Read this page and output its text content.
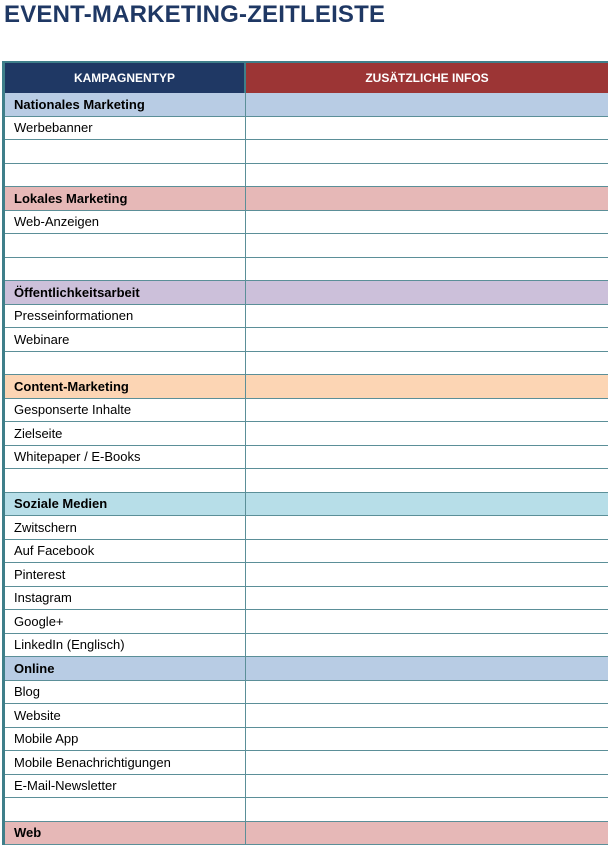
EVENT-MARKETING-ZEITLEISTE
KAMPAGNENTYP	ZUSÄTZLICHE INFOS
Nationales Marketing	
Werbebanner	

Lokales Marketing	
Web-Anzeigen	

Öffentlichkeitsarbeit	
Presseinformationen	
Webinare	

Content-Marketing	
Gesponserte Inhalte	
Zielseite	
Whitepaper / E-Books	

Soziale Medien	
Zwitschern	
Auf Facebook	
Pinterest	
Instagram	
Google+	
LinkedIn (Englisch)	
Online	
Blog	
Website	
Mobile App	
Mobile Benachrichtigungen	
E-Mail-Newsletter	

Web	
